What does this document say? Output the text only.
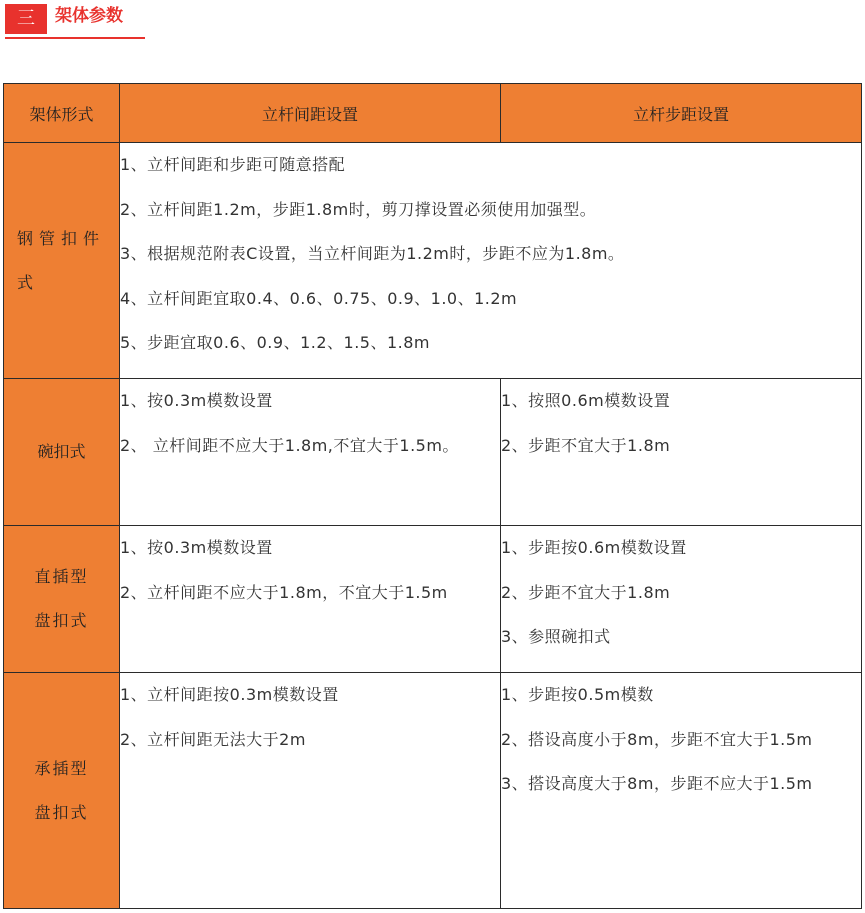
三	架体参数
架体形式	立杆间距设置	立杆步距设置

钢管扣件式	1、立杆间距和步距可随意搭配
2、立杆间距1.2m，步距1.8m时，剪刀撑设置必须使用加强型。
3、根据规范附表C设置，当立杆间距为1.2m时，步距不应为1.8m。
4、立杆间距宜取0.4、0.6、0.75、0.9、1.0、1.2m
5、步距宜取0.6、0.9、1.2、1.5、1.8m	

碗扣式	1、按0.3m模数设置
2、 立杆间距不应大于1.8m,不宜大于1.5m。	1、按照0.6m模数设置
2、步距不宜大于1.8m

直插型盘扣式	1、按0.3m模数设置
2、立杆间距不应大于1.8m，不宜大于1.5m	1、步距按0.6m模数设置
2、步距不宜大于1.8m
3、参照碗扣式

承插型盘扣式	1、立杆间距按0.3m模数设置
2、立杆间距无法大于2m	1、步距按0.5m模数
2、搭设高度小于8m，步距不宜大于1.5m
3、搭设高度大于8m，步距不应大于1.5m
